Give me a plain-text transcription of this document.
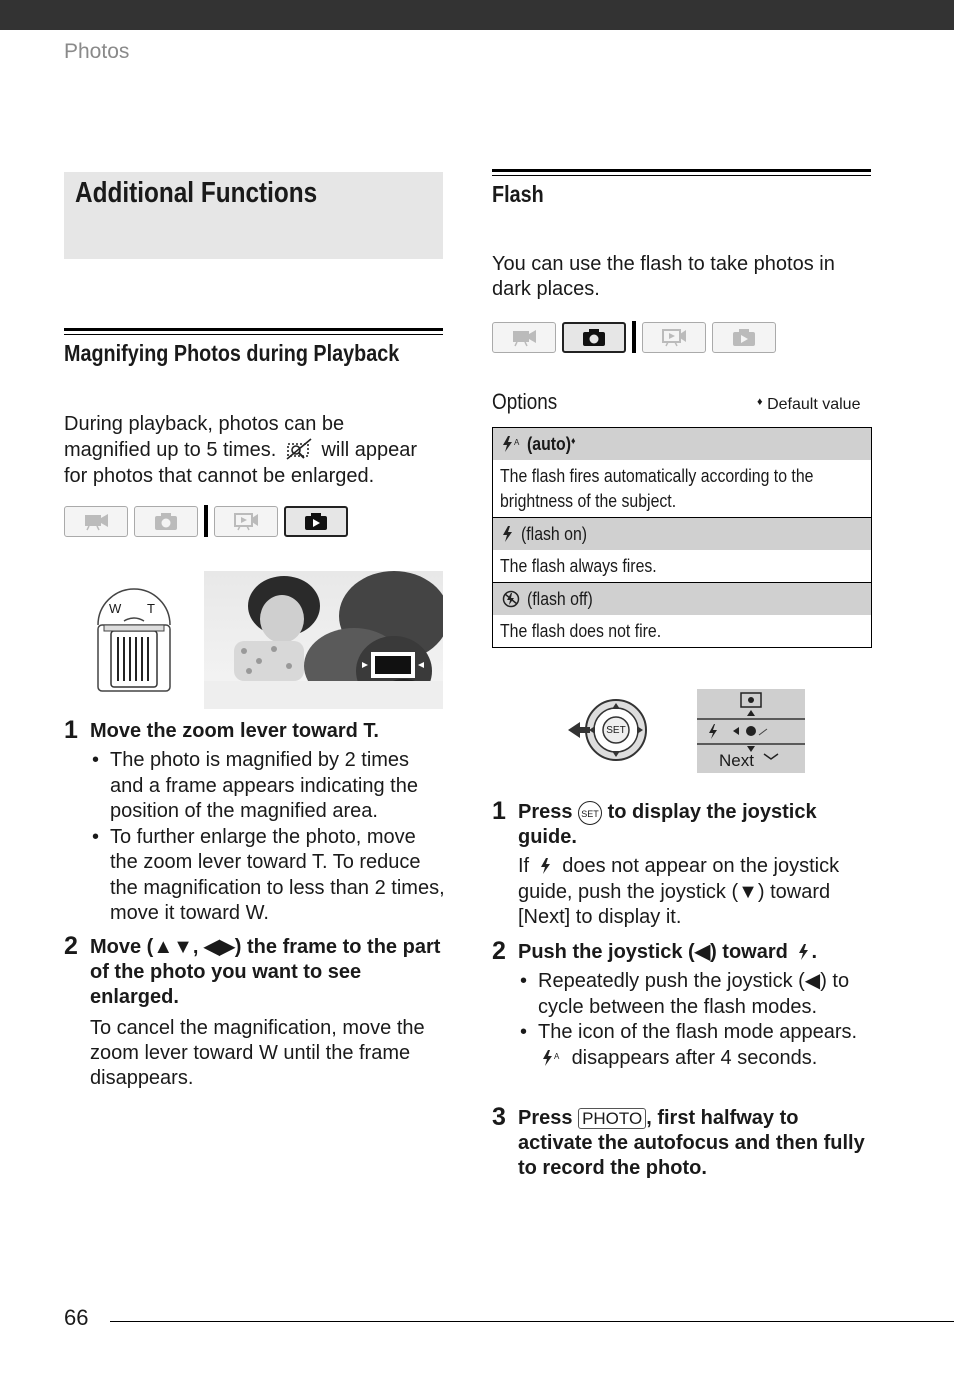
Photos
Additional Functions
Magnifying Photos during Playback
During playback, photos can be
magnified up to 5 times. will appear
for photos that cannot be enlarged.
W T
1 Move the zoom lever toward T.
• The photo is magnified by 2 times and a frame appears indicating the position of the magnified area.
• To further enlarge the photo, move the zoom lever toward T. To reduce the magnification to less than 2 times, move it toward W.
2 Move (▲▼, ◀▶) the frame to the part of the photo you want to see enlarged.
To cancel the magnification, move the zoom lever toward W until the frame disappears.
Flash
You can use the flash to take photos in dark places.
Options	♦ Default value
A (auto)♦
The flash fires automatically according to the brightness of the subject.
(flash on)
The flash always fires.
(flash off)
The flash does not fire.
SET
Next
1 Press SET to display the joystick guide.
If does not appear on the joystick guide, push the joystick (▼) toward [Next] to display it.
2 Push the joystick (◀) toward .
• Repeatedly push the joystick (◀) to cycle between the flash modes.
• The icon of the flash mode appears.
A disappears after 4 seconds.
3 Press PHOTO , first halfway to activate the autofocus and then fully to record the photo.
66
